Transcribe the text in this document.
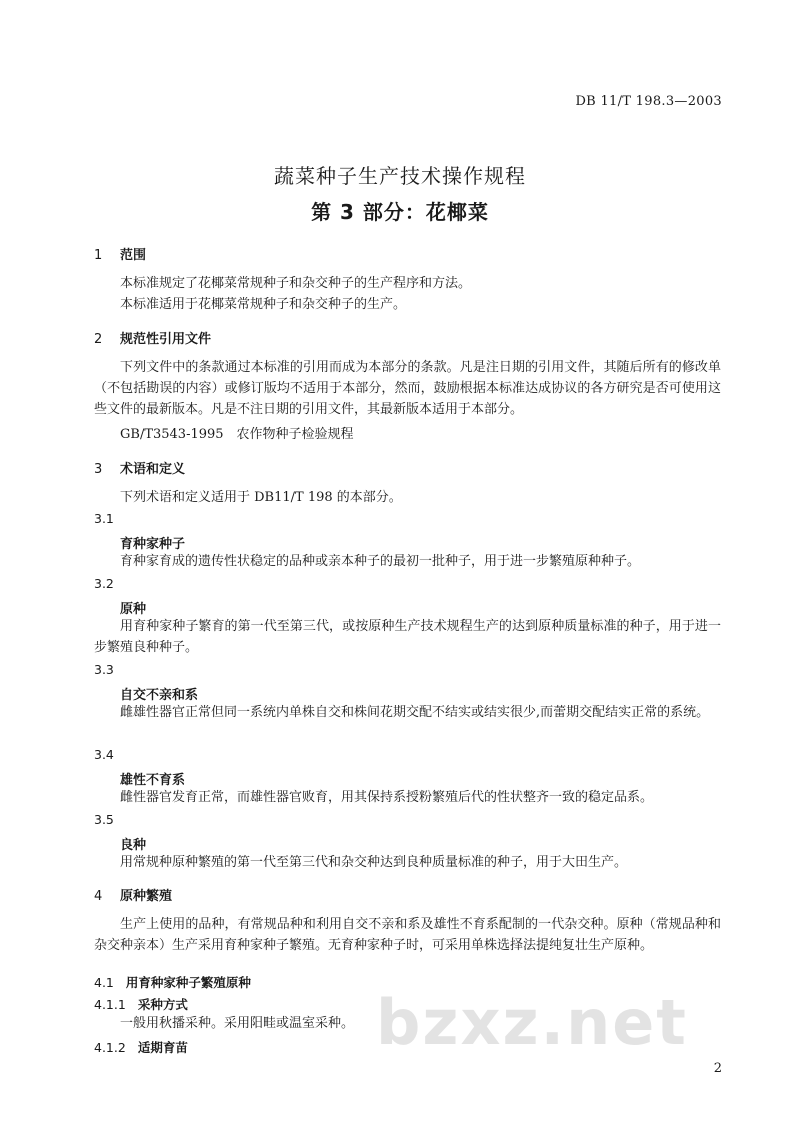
DB 11/T 198.3—2003
蔬菜种子生产技术操作规程
第 3 部分：花椰菜
1 范围
本标准规定了花椰菜常规种子和杂交种子的生产程序和方法。
本标准适用于花椰菜常规种子和杂交种子的生产。
2 规范性引用文件
下列文件中的条款通过本标准的引用而成为本部分的条款。凡是注日期的引用文件，其随后所有的修改单（不包括勘误的内容）或修订版均不适用于本部分，然而，鼓励根据本标准达成协议的各方研究是否可使用这些文件的最新版本。凡是不注日期的引用文件，其最新版本适用于本部分。
GB/T3543-1995　农作物种子检验规程
3 术语和定义
下列术语和定义适用于 DB11/T 198 的本部分。
3.1
育种家种子
育种家育成的遗传性状稳定的品种或亲本种子的最初一批种子，用于进一步繁殖原种种子。
3.2
原种
用育种家种子繁育的第一代至第三代，或按原种生产技术规程生产的达到原种质量标准的种子，用于进一步繁殖良种种子。
3.3
自交不亲和系
雌雄性器官正常但同一系统内单株自交和株间花期交配不结实或结实很少,而蕾期交配结实正常的系统。
3.4
雄性不育系
雌性器官发育正常，而雄性器官败育，用其保持系授粉繁殖后代的性状整齐一致的稳定品系。
3.5
良种
用常规种原种繁殖的第一代至第三代和杂交种达到良种质量标准的种子，用于大田生产。
4 原种繁殖
生产上使用的品种，有常规品种和利用自交不亲和系及雄性不育系配制的一代杂交种。原种（常规品种和杂交种亲本）生产采用育种家种子繁殖。无育种家种子时，可采用单株选择法提纯复壮生产原种。
4.1 用育种家种子繁殖原种
4.1.1 采种方式
一般用秋播采种。采用阳畦或温室采种。
4.1.2 适期育苗	bzxz.net
2
